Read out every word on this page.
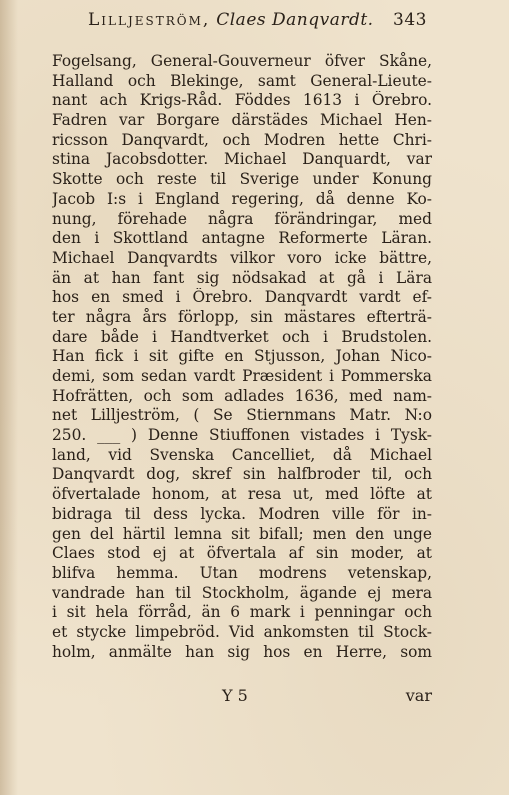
Lilljeström, Claes Danqvardt. 343
Fogelsang, General-Gouverneur öfver Skåne,
Halland och Blekinge, samt General-Lieute-
nant ach Krigs-Råd. Föddes 1613 i Örebro.
Fadren var Borgare därstädes Michael Hen-
ricsson Danqvardt, och Modren hette Chri-
stina Jacobsdotter. Michael Danquardt, var
Skotte och reste til Sverige under Konung
Jacob I:s i England regering, då denne Ko-
nung, förehade några förändringar, med
den i Skottland antagne Reformerte Läran.
Michael Danqvardts vilkor voro icke bättre,
än at han fant sig nödsakad at gå i Lära
hos en smed i Örebro. Danqvardt vardt ef-
ter några års förlopp, sin mästares efterträ-
dare både i Handtverket och i Brudstolen.
Han fick i sit gifte en Stjusson, Johan Nico-
demi, som sedan vardt Præsident i Pommerska
Hofrätten, och som adlades 1636, med nam-
net Lilljeström, ( Se Stiernmans Matr. N:o
250. ___ ) Denne Stiuffonen vistades i Tysk-
land, vid Svenska Cancelliet, då Michael
Danqvardt dog, skref sin halfbroder til, och
öfvertalade honom, at resa ut, med löfte at
bidraga til dess lycka. Modren ville för in-
gen del härtil lemna sit bifall; men den unge
Claes stod ej at öfvertala af sin moder, at
blifva hemma. Utan modrens vetenskap,
vandrade han til Stockholm, ägande ej mera
i sit hela förråd, än 6 mark i penningar och
et stycke limpebröd. Vid ankomsten til Stock-
holm, anmälte han sig hos en Herre, som
Y 5	var
